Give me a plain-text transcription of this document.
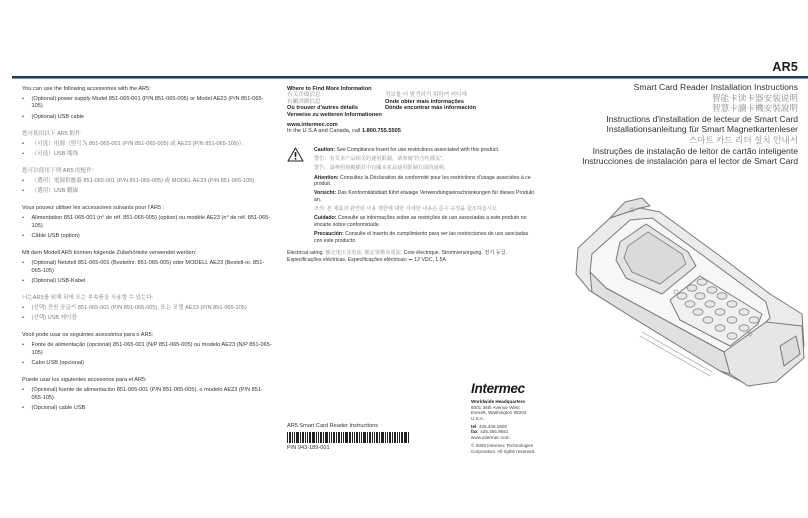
AR5
You can use the following accessories with the AR5:
• (Optional) power supply Model 851-065-001 (P/N 851-065-005) or Model AE23 (P/N 851-065-105)
• (Optional) USB cable
您可使用以下 AR5 附件
• （可选）电源（型号为 851-065-001 (P/N 851-065-005) 或 AE23 (P/N 851-065-105)）。
• （可选）USB 缆线
您可以使用下列 AR5 的配件：
• （選用）電源供應器 851-065-001 (P/N 851-065-005) 或 MODEL AE23 (P/N 851-065-105)
• （選用）USB 纜線
Vous pouvez utiliser les accessoires suivants pour l'AR5 :
• Alimentation 851-065-001 (n° de réf. 851-065-005) (option) ou modèle AE23 (n° de réf. 851-065-105)
• Câble USB (option)
Mit dem Modell AR5 können folgende Zubehörteile verwendet werden:
• (Optional) Netzteil 851-065-001 (Bestellnr. 851-065-005) oder MODELL AE23 (Bestell-nr. 851-065-105)
• (Optional) USB-Kabel
너는AR5를 위해 뒤에 오는 부속품을 사용할 수 있는다:
• (선택) 전원 공급기 851-065-001 (P/N 851-065-005), 또는 모델 AE23 (P/N 851-065-105)
• (선택) USB 케이블
Você pode usar os seguintes acessórios para o AR5:
• Fonte de alimentação (opcional) 851-065-001 (N/P 851-065-005) ou modelo AE23 (N/P 851-065-105)
• Cabo USB (opcional)
Puede usar los siguientes accesorios para el AR5:
• (Opcional) fuente de alimentación 851-065-001 (P/N 851-065-005), o modelo AE23 (P/N 851-065-105)
• (Opcional) cable USB
Where to Find More Information
有关详细信息	정보를 더 발견하기 위하여 어디에
有關詳細信息	Onde obter mais informações
Où trouver d'autres détails	Dónde encontrar más información
Verweise zu weiteren Informationen
www.intermec.com
In the U.S.A and Canada, call 1.800.755.5505

Caution: See Compliance Insert for use restrictions associated with this product.

警告：有关本产品相关的使用限制，请参阅“符合性插页”。

警告：請參照規範插頁中有關本產品使用限制方面的說明。

Attention: Consultez la Déclaration de conformité pour les restrictions d'usage associées à ce produit.

Vorsicht: Das Konformitätsblatt führt etwaige Verwendungseinschränkungen für dieses Produkt an.

조의: 본 제품과 관련된 사용 제한에 대한 자세한 내용은 준수 규정을 참조하십시오

Cuidado: Consulte as informações sobre as restrições de uso associadas a este produto no encarte sobre conformidade.

Precaución: Consulte el inserto de cumplimiento para ver las restricciones de uso asociadas con este producto.

Electrical rating. 额定电压及电流. 額定電壓及電流. Cote électrique. Stromversorgung. 전기 등급.
Especificações eléctricas. Especificações eléctricas: ⎓ 12 VDC, 1.5A
AR5 Smart Card Reader Instructions
P/N 943-189-001
Intermec
Worldwide Headquarters
6001 36th Avenue West
Everett, Washington 98203
U.S.A.
tel 425.348.2600
fax 425.355.9551
www.intermec.com
© 2008 Intermec Technologies
Corporation. All rights reserved.
Smart Card Reader Installation Instructions
智能卡读卡器安装说明
智慧卡讀卡機安裝說明
Instructions d'installation de lecteur de Smart Card
Installationsanleitung für Smart Magnetkartenleser
스마트 카드 리더 설치 안내서
Instruções de instalação de leitor de cartão inteligente
Instrucciones de instalación para el lector de Smart Card
